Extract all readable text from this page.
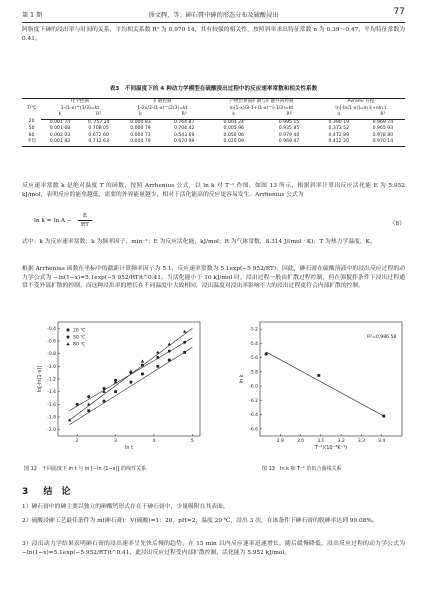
第 1 期	徐文辉，等：砷石膏中砷的形态分布及硫酸浸出	77
阿脂度下砷的浸出率与时间的关系，平均相关系数 R² 为 0.970 14，其有较强的相关性，按照斜率求出特征常数 n 为 0.39～0.47，平均特征常数为 0.41。
表3　不同温度下的 4 种动力学模型在硫酸浸出过程中的反应速率常数和相关性系数
T/℃	化学控制		扩散控制		产物层界面扩散与扩散共同控制		Avrami 方程	
	1-(1-x)^(1/3)=kt		1-2x/3-(1-x)^(2/3)=kt		ln(1-x)/3-1+(1-x)^(-1/3)=kt		ln[-ln(1-x)]=ln k+nln t	
	k	R²	k	R²	k	R²	n	R²
20	0.001 74	0, 757 24	0.000 83	0.764 87	0.004 24	0.995 15	0.390 19	0.969 74
50	0.001 68	0.708 05	0.000 79	0.704 42	0.005 96	0.935 85	0.373 52	0.965 93
80	0.002 03	0.672 60	0.000 73	0.543 69	0.050 06	0.979 40	0.472 89	0.978 80
平均	0.001 82	0.712 63	0.000 79	0.670 99	0.020 09	0.969 47	0.412 20	0.970 14
反应速率常数 k 是绝对温度 T 的函数，按照 Arrhenius 公式，以 ln k 对 T⁻¹ 作图，如图 13 所示，根据斜率计算出反应活化能 E 为 5.952 kJ/mol，表明反应的能垒越低，需要的外界能量越少，相对于活化能高的反应更容易发生。Arrhenius 公式为
$\ln k = \ln A - \frac{E}{RT}$	（8）
式中：k 为反应速率常数；k 为频率因子，min⁻¹；E 为反应活化能，kJ/mol；R 为气体常数，8.314 J/(mol · K)；T 为热力学温度，K。
根据 Arrhenius 函数在坐标中的截距计算频率因子为 5.1，反应速率常数为 5.1exp(−5 952/RT)，因此，砷石膏在硫酸溶液中的浸出反应过程的动力学公式为 −ln(1−x)=5.1exp(−5 952/RT)t^0.41。当活化能小于 10 kJ/mol 时，浸出过程一般由扩散过程控制，但在强搅拌条件下浸出过程通常不受外部扩散的控制，而这种浸出率的增长在不同温度中大致相同，浸出温度对浸出率影响不大的浸出过程更符合内部扩散的控制。
2	3	4	5
-0.4
-0.6
-0.8
-1.0
-1.2
-1.4
-1.6
-1.8
-2.0
ln t
ln[-ln(1-x)]
20 ℃
50 ℃
80 ℃
图 12　不同温度下 ln t 与 ln [−ln (1−x)] 的线性关系
2.9	3.0	3.1	3.2	3.3	3.4
-5.2
-5.4
-5.6
-5.8
-6.0
-6.2
-6.4
-6.6
T⁻¹/(10⁻³K⁻¹)
ln k
R²=0.986 58
图 13　ln k 和 T⁻¹ 的拟合曲线关系
3 结　论
1）砷石膏中的砷主要以独立的砷酸钙形式存在于砷石膏中，少量吸附在其表面。
2）硫酸浸砷工艺最佳条件为 m(砷石膏)：V(硫酸)=1：20，pH=2，温度 20 ℃，浸出 3 次，在该条件下砷石膏的脱砷率达到 99.08%。
3）浸出动力学结果表明砷石膏的浸出速率呈先快后慢的趋势，在 15 min 以内反应速率迅速增长，随后缓慢降低，浸出反应过程的动力学公式为 −ln(1−x)=5.1exp(−5 952/RT)t^0.41，此浸出反应过程受内部扩散控制，活化能为 5.952 kJ/mol。
